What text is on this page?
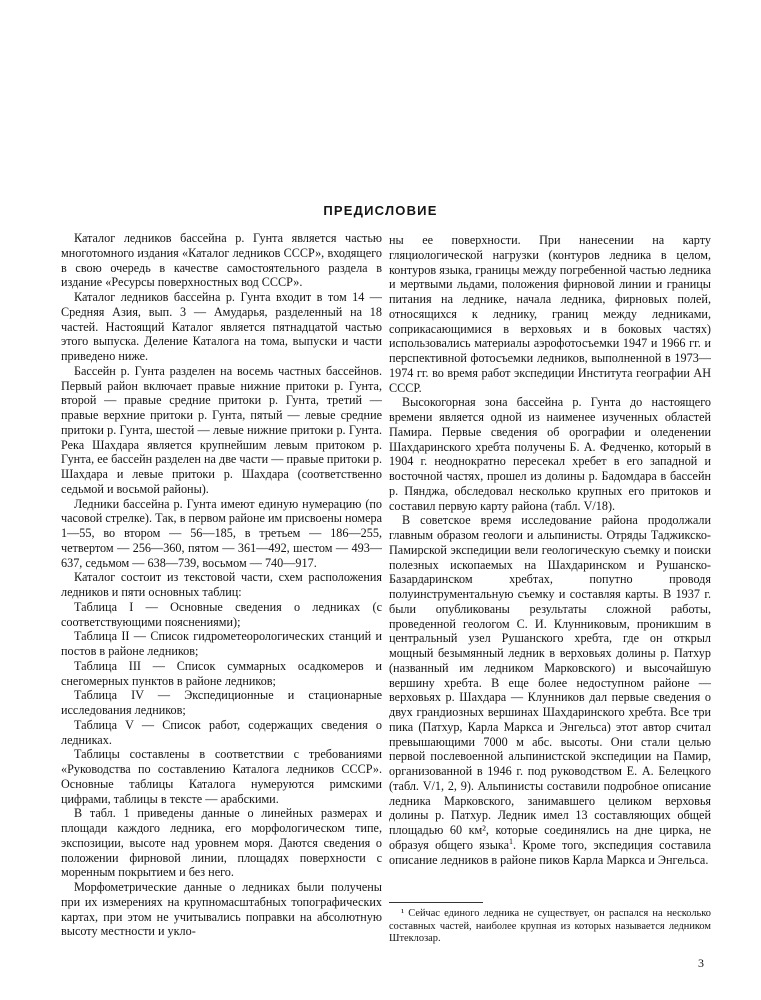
ПРЕДИСЛОВИЕ

Каталог ледников бассейна р. Гунта является частью многотомного издания «Каталог ледников СССР», входящего в свою очередь в качестве самостоятельного раздела в издание «Ресурсы поверхностных вод СССР».

Каталог ледников бассейна р. Гунта входит в том 14 — Средняя Азия, вып. 3 — Амударья, разделенный на 18 частей. Настоящий Каталог является пятнадцатой частью этого выпуска. Деление Каталога на тома, выпуски и части приведено ниже.

Бассейн р. Гунта разделен на восемь частных бассейнов. Первый район включает правые нижние притоки р. Гунта, второй — правые средние притоки р. Гунта, третий — правые верхние притоки р. Гунта, пятый — левые средние притоки р. Гунта, шестой — левые нижние притоки р. Гунта. Река Шахдара является крупнейшим левым притоком р. Гунта, ее бассейн разделен на две части — правые притоки р. Шахдара и левые притоки р. Шахдара (соответственно седьмой и восьмой районы).

Ледники бассейна р. Гунта имеют единую нумерацию (по часовой стрелке). Так, в первом районе им присвоены номера 1—55, во втором — 56—185, в третьем — 186—255, четвертом — 256—360, пятом — 361—492, шестом — 493—637, седьмом — 638—739, восьмом — 740—917.

Каталог состоит из текстовой части, схем расположения ледников и пяти основных таблиц:

Таблица I — Основные сведения о ледниках (с соответствующими пояснениями);

Таблица II — Список гидрометеорологических станций и постов в районе ледников;

Таблица III — Список суммарных осадкомеров и снегомерных пунктов в районе ледников;

Таблица IV — Экспедиционные и стационарные исследования ледников;

Таблица V — Список работ, содержащих сведения о ледниках.

Таблицы составлены в соответствии с требованиями «Руководства по составлению Каталога ледников СССР». Основные таблицы Каталога нумеруются римскими цифрами, таблицы в тексте — арабскими.

В табл. 1 приведены данные о линейных размерах и площади каждого ледника, его морфологическом типе, экспозиции, высоте над уровнем моря. Даются сведения о положении фирновой линии, площадях поверхности с моренным покрытием и без него.

Морфометрические данные о ледниках были получены при их измерениях на крупномасштабных топографических картах, при этом не учитывались поправки на абсолютную высоту местности и укло-

ны ее поверхности. При нанесении на карту гляциологической нагрузки (контуров ледника в целом, контуров языка, границы между погребенной частью ледника и мертвыми льдами, положения фирновой линии и границы питания на леднике, начала ледника, фирновых полей, относящихся к леднику, границ между ледниками, соприкасающимися в верховьях и в боковых частях) использовались материалы аэрофотосъемки 1947 и 1966 гг. и перспективной фотосъемки ледников, выполненной в 1973—1974 гг. во время работ экспедиции Института географии АН СССР.

Высокогорная зона бассейна р. Гунта до настоящего времени является одной из наименее изученных областей Памира. Первые сведения об орографии и оледенении Шахдаринского хребта получены Б. А. Федченко, который в 1904 г. неоднократно пересекал хребет в его западной и восточной частях, прошел из долины р. Бадомдара в бассейн р. Пянджа, обследовал несколько крупных его притоков и составил первую карту района (табл. V/18).

В советское время исследование района продолжали главным образом геологи и альпинисты. Отряды Таджикско-Памирской экспедиции вели геологическую съемку и поиски полезных ископаемых на Шахдаринском и Рушанско-Базардаринском хребтах, попутно проводя полуинструментальную съемку и составляя карты. В 1937 г. были опубликованы результаты сложной работы, проведенной геологом С. И. Клунниковым, проникшим в центральный узел Рушанского хребта, где он открыл мощный безымянный ледник в верховьях долины р. Патхур (названный им ледником Марковского) и высочайшую вершину хребта. В еще более недоступном районе — верховьях р. Шахдара — Клунников дал первые сведения о двух грандиозных вершинах Шахдаринского хребта. Все три пика (Патхур, Карла Маркса и Энгельса) этот автор считал превышающими 7000 м абс. высоты. Они стали целью первой послевоенной альпинистской экспедиции на Памир, организованной в 1946 г. под руководством Е. А. Белецкого (табл. V/1, 2, 9). Альпинисты составили подробное описание ледника Марковского, занимавшего целиком верховья долины р. Патхур. Ледник имел 13 составляющих общей площадью 60 км², которые соединялись на дне цирка, не образуя общего языка$^1$. Кроме того, экспедиция составила описание ледников в районе пиков Карла Маркса и Энгельса.

¹ Сейчас единого ледника не существует, он распался на несколько составных частей, наиболее крупная из которых называется ледником Штеклозар.

3
